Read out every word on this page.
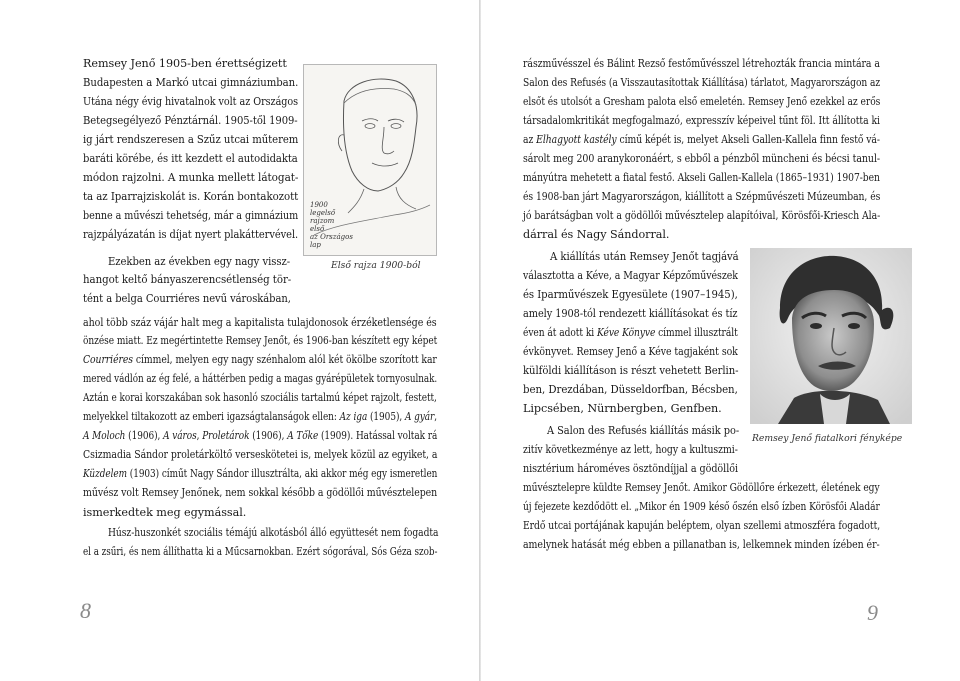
1900
legelső
rajzom
első
az Országos
lap
Első rajza 1900-ból
8
Remsey Jenő 1905-ben érettségizett
Budapesten a Markó utcai gimnáziumban.
Utána négy évig hivatalnok volt az Országos
Betegsegélyező Pénztárnál. 1905-től 1909-
ig járt rendszeresen a Szűz utcai műterem
baráti körébe, és itt kezdett el autodidakta
módon rajzolni. A munka mellett látogat-
ta az Iparrajziskolát is. Korán bontakozott
benne a művészi tehetség, már a gimnázium
rajzpályázatán is díjat nyert plakáttervével.
Ezekben az években egy nagy vissz-
hangot keltő bányaszerencsétlenség tör-
tént a belga Courriéres nevű városkában,
ahol több száz vájár halt meg a kapitalista tulajdonosok érzéketlensége és
önzése miatt. Ez megértintette Remsey Jenőt, és 1906-ban készített egy képet
Courriéres címmel, melyen egy nagy szénhalom alól két ökölbe szorított kar
mered vádlón az ég felé, a háttérben pedig a magas gyárépületek tornyosulnak.
Aztán e korai korszakában sok hasonló szociális tartalmú képet rajzolt, festett,
melyekkel tiltakozott az emberi igazságtalanságok ellen: Az iga (1905), A gyár,
A Moloch (1906), A város, Proletárok (1906), A Tőke (1909). Hatással voltak rá
Csizmadia Sándor proletárköltő verseskötetei is, melyek közül az egyiket, a
Küzdelem (1903) címűt Nagy Sándor illusztrálta, aki akkor még egy ismeretlen
művész volt Remsey Jenőnek, nem sokkal később a gödöllői művésztelepen
ismerkedtek meg egymással.
Húsz-huszonkét szociális témájú alkotásból álló együttesét nem fogadta
el a zsűri, és nem állíthatta ki a Műcsarnokban. Ezért sógorával, Sós Géza szob-
Remsey Jenő fiatalkori fényképe
9
rászművésszel és Bálint Rezső festőművésszel létrehozták francia mintára a
Salon des Refusés (a Visszautasítottak Kiállítása) tárlatot, Magyarországon az
elsőt és utolsót a Gresham palota első emeletén. Remsey Jenő ezekkel az erős
társadalomkritikát megfogalmazó, expresszív képeivel tűnt föl. Itt állította ki
az Elhagyott kastély című képét is, melyet Akseli Gallen-Kallela finn festő vá-
sárolt meg 200 aranykoronáért, s ebből a pénzből müncheni és bécsi tanul-
mányútra mehetett a fiatal festő. Akseli Gallen-Kallela (1865–1931) 1907-ben
és 1908-ban járt Magyarországon, kiállított a Szépművészeti Múzeumban, és
jó barátságban volt a gödöllői művésztelep alapítóival, Körösfői-Kriesch Ala-
dárral és Nagy Sándorral.
A kiállítás után Remsey Jenőt tagjává
választotta a Kéve, a Magyar Képzőművészek
és Iparművészek Egyesülete (1907–1945),
amely 1908-tól rendezett kiállításokat és tíz
éven át adott ki Kéve Könyve címmel illusztrált
évkönyvet. Remsey Jenő a Kéve tagjaként sok
külföldi kiállításon is részt vehetett Berlin-
ben, Drezdában, Düsseldorfban, Bécsben,
Lipcsében, Nürnbergben, Genfben.
A Salon des Refusés kiállítás másik po-
zitív következménye az lett, hogy a kultuszmi-
nisztérium hároméves ösztöndíjjal a gödöllői
művésztelepre küldte Remsey Jenőt. Amikor Gödöllőre érkezett, életének egy
új fejezete kezdődött el. „Mikor én 1909 késő őszén első ízben Körösfői Aladár
Erdő utcai portájának kapuján beléptem, olyan szellemi atmoszféra fogadott,
amelynek hatását még ebben a pillanatban is, lelkemnek minden ízében ér-
